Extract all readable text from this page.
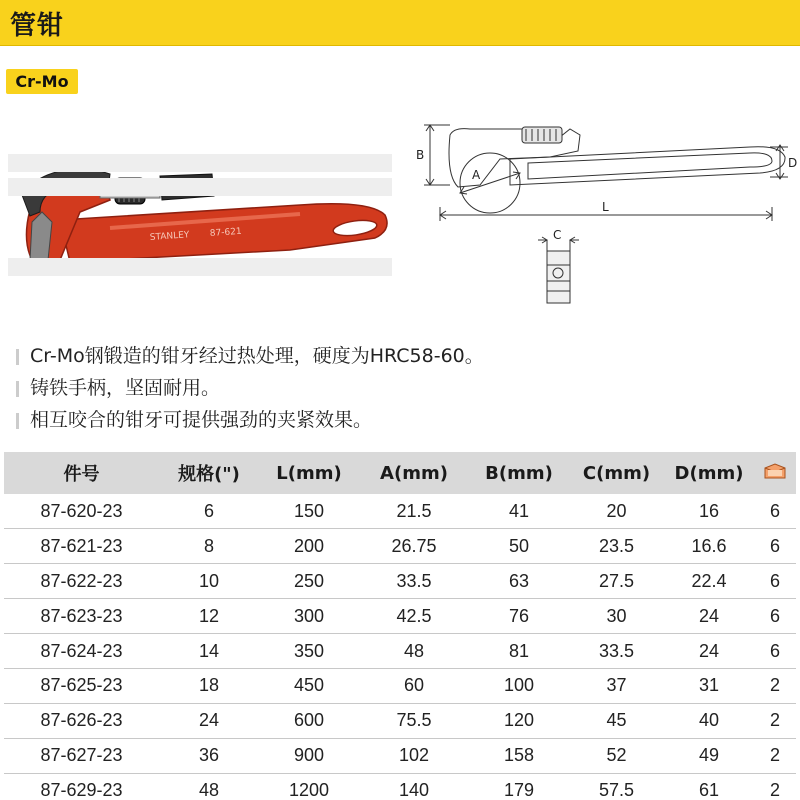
管钳
Cr-Mo
STANLEY 87-621
B
A
D
L
C
Cr-Mo钢锻造的钳牙经过热处理，硬度为HRC58-60。
铸铁手柄，坚固耐用。
相互咬合的钳牙可提供强劲的夹紧效果。
件号	规格(")	L(mm)	A(mm)	B(mm)	C(mm)	D(mm)	
87-620-23	6	150	21.5	41	20	16	6
87-621-23	8	200	26.75	50	23.5	16.6	6
87-622-23	10	250	33.5	63	27.5	22.4	6
87-623-23	12	300	42.5	76	30	24	6
87-624-23	14	350	48	81	33.5	24	6
87-625-23	18	450	60	100	37	31	2
87-626-23	24	600	75.5	120	45	40	2
87-627-23	36	900	102	158	52	49	2
87-629-23	48	1200	140	179	57.5	61	2
